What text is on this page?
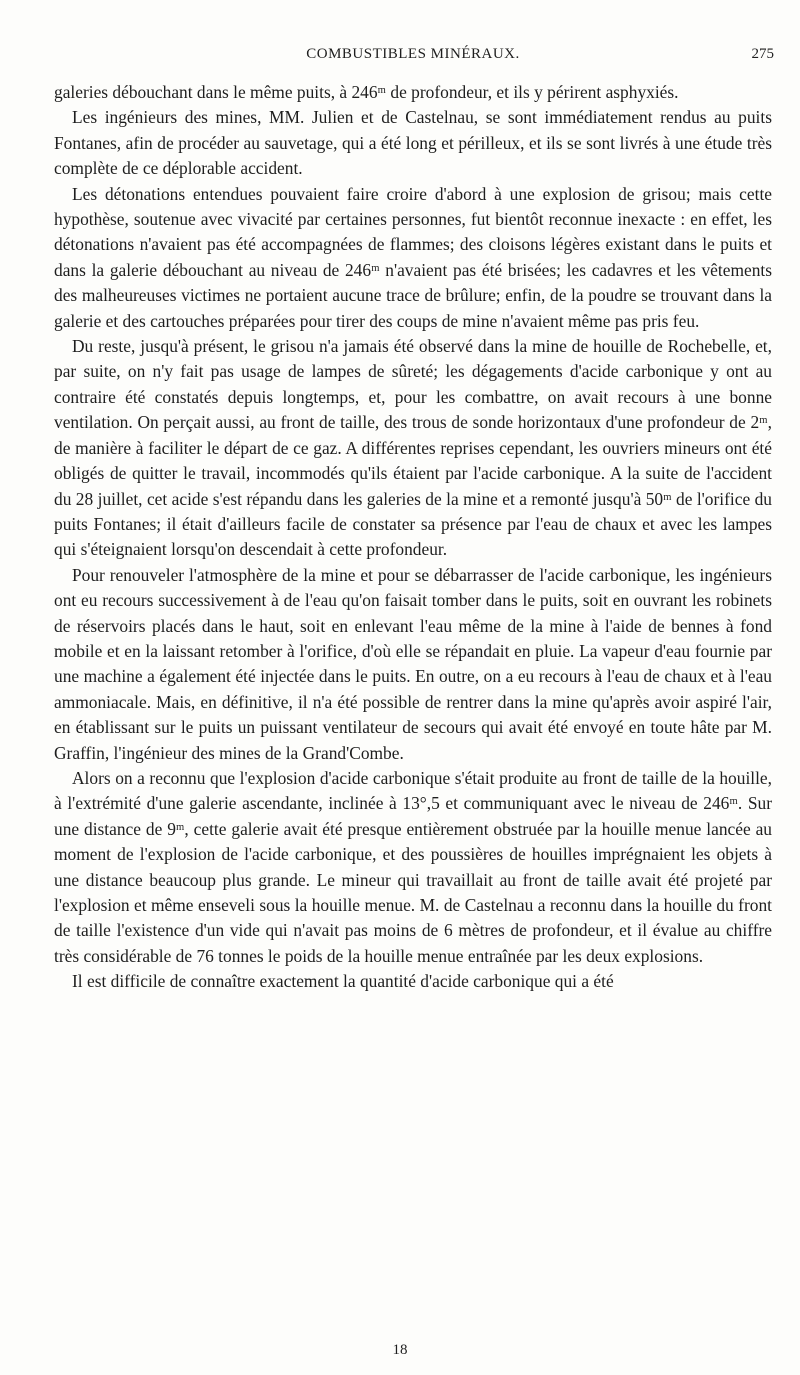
COMBUSTIBLES MINÉRAUX.	275

galeries débouchant dans le même puits, à 246ᵐ de profondeur, et ils y périrent asphyxiés.

Les ingénieurs des mines, MM. Julien et de Castelnau, se sont immédiatement rendus au puits Fontanes, afin de procéder au sauvetage, qui a été long et périlleux, et ils se sont livrés à une étude très complète de ce déplorable accident.

Les détonations entendues pouvaient faire croire d'abord à une explosion de grisou; mais cette hypothèse, soutenue avec vivacité par certaines personnes, fut bientôt reconnue inexacte : en effet, les détonations n'avaient pas été accompagnées de flammes; des cloisons légères existant dans le puits et dans la galerie débouchant au niveau de 246ᵐ n'avaient pas été brisées; les cadavres et les vêtements des malheureuses victimes ne portaient aucune trace de brûlure; enfin, de la poudre se trouvant dans la galerie et des cartouches préparées pour tirer des coups de mine n'avaient même pas pris feu.

Du reste, jusqu'à présent, le grisou n'a jamais été observé dans la mine de houille de Rochebelle, et, par suite, on n'y fait pas usage de lampes de sûreté; les dégagements d'acide carbonique y ont au contraire été constatés depuis longtemps, et, pour les combattre, on avait recours à une bonne ventilation. On perçait aussi, au front de taille, des trous de sonde horizontaux d'une profondeur de 2ᵐ, de manière à faciliter le départ de ce gaz. A différentes reprises cependant, les ouvriers mineurs ont été obligés de quitter le travail, incommodés qu'ils étaient par l'acide carbonique. A la suite de l'accident du 28 juillet, cet acide s'est répandu dans les galeries de la mine et a remonté jusqu'à 50ᵐ de l'orifice du puits Fontanes; il était d'ailleurs facile de constater sa présence par l'eau de chaux et avec les lampes qui s'éteignaient lorsqu'on descendait à cette profondeur.

Pour renouveler l'atmosphère de la mine et pour se débarrasser de l'acide carbonique, les ingénieurs ont eu recours successivement à de l'eau qu'on faisait tomber dans le puits, soit en ouvrant les robinets de réservoirs placés dans le haut, soit en enlevant l'eau même de la mine à l'aide de bennes à fond mobile et en la laissant retomber à l'orifice, d'où elle se répandait en pluie. La vapeur d'eau fournie par une machine a également été injectée dans le puits. En outre, on a eu recours à l'eau de chaux et à l'eau ammoniacale. Mais, en définitive, il n'a été possible de rentrer dans la mine qu'après avoir aspiré l'air, en établissant sur le puits un puissant ventilateur de secours qui avait été envoyé en toute hâte par M. Graffin, l'ingénieur des mines de la Grand'Combe.

Alors on a reconnu que l'explosion d'acide carbonique s'était produite au front de taille de la houille, à l'extrémité d'une galerie ascendante, inclinée à 13°,5 et communiquant avec le niveau de 246ᵐ. Sur une distance de 9ᵐ, cette galerie avait été presque entièrement obstruée par la houille menue lancée au moment de l'explosion de l'acide carbonique, et des poussières de houilles imprégnaient les objets à une distance beaucoup plus grande. Le mineur qui travaillait au front de taille avait été projeté par l'explosion et même enseveli sous la houille menue. M. de Castelnau a reconnu dans la houille du front de taille l'existence d'un vide qui n'avait pas moins de 6 mètres de profondeur, et il évalue au chiffre très considérable de 76 tonnes le poids de la houille menue entraînée par les deux explosions.

Il est difficile de connaître exactement la quantité d'acide carbonique qui a été

18
